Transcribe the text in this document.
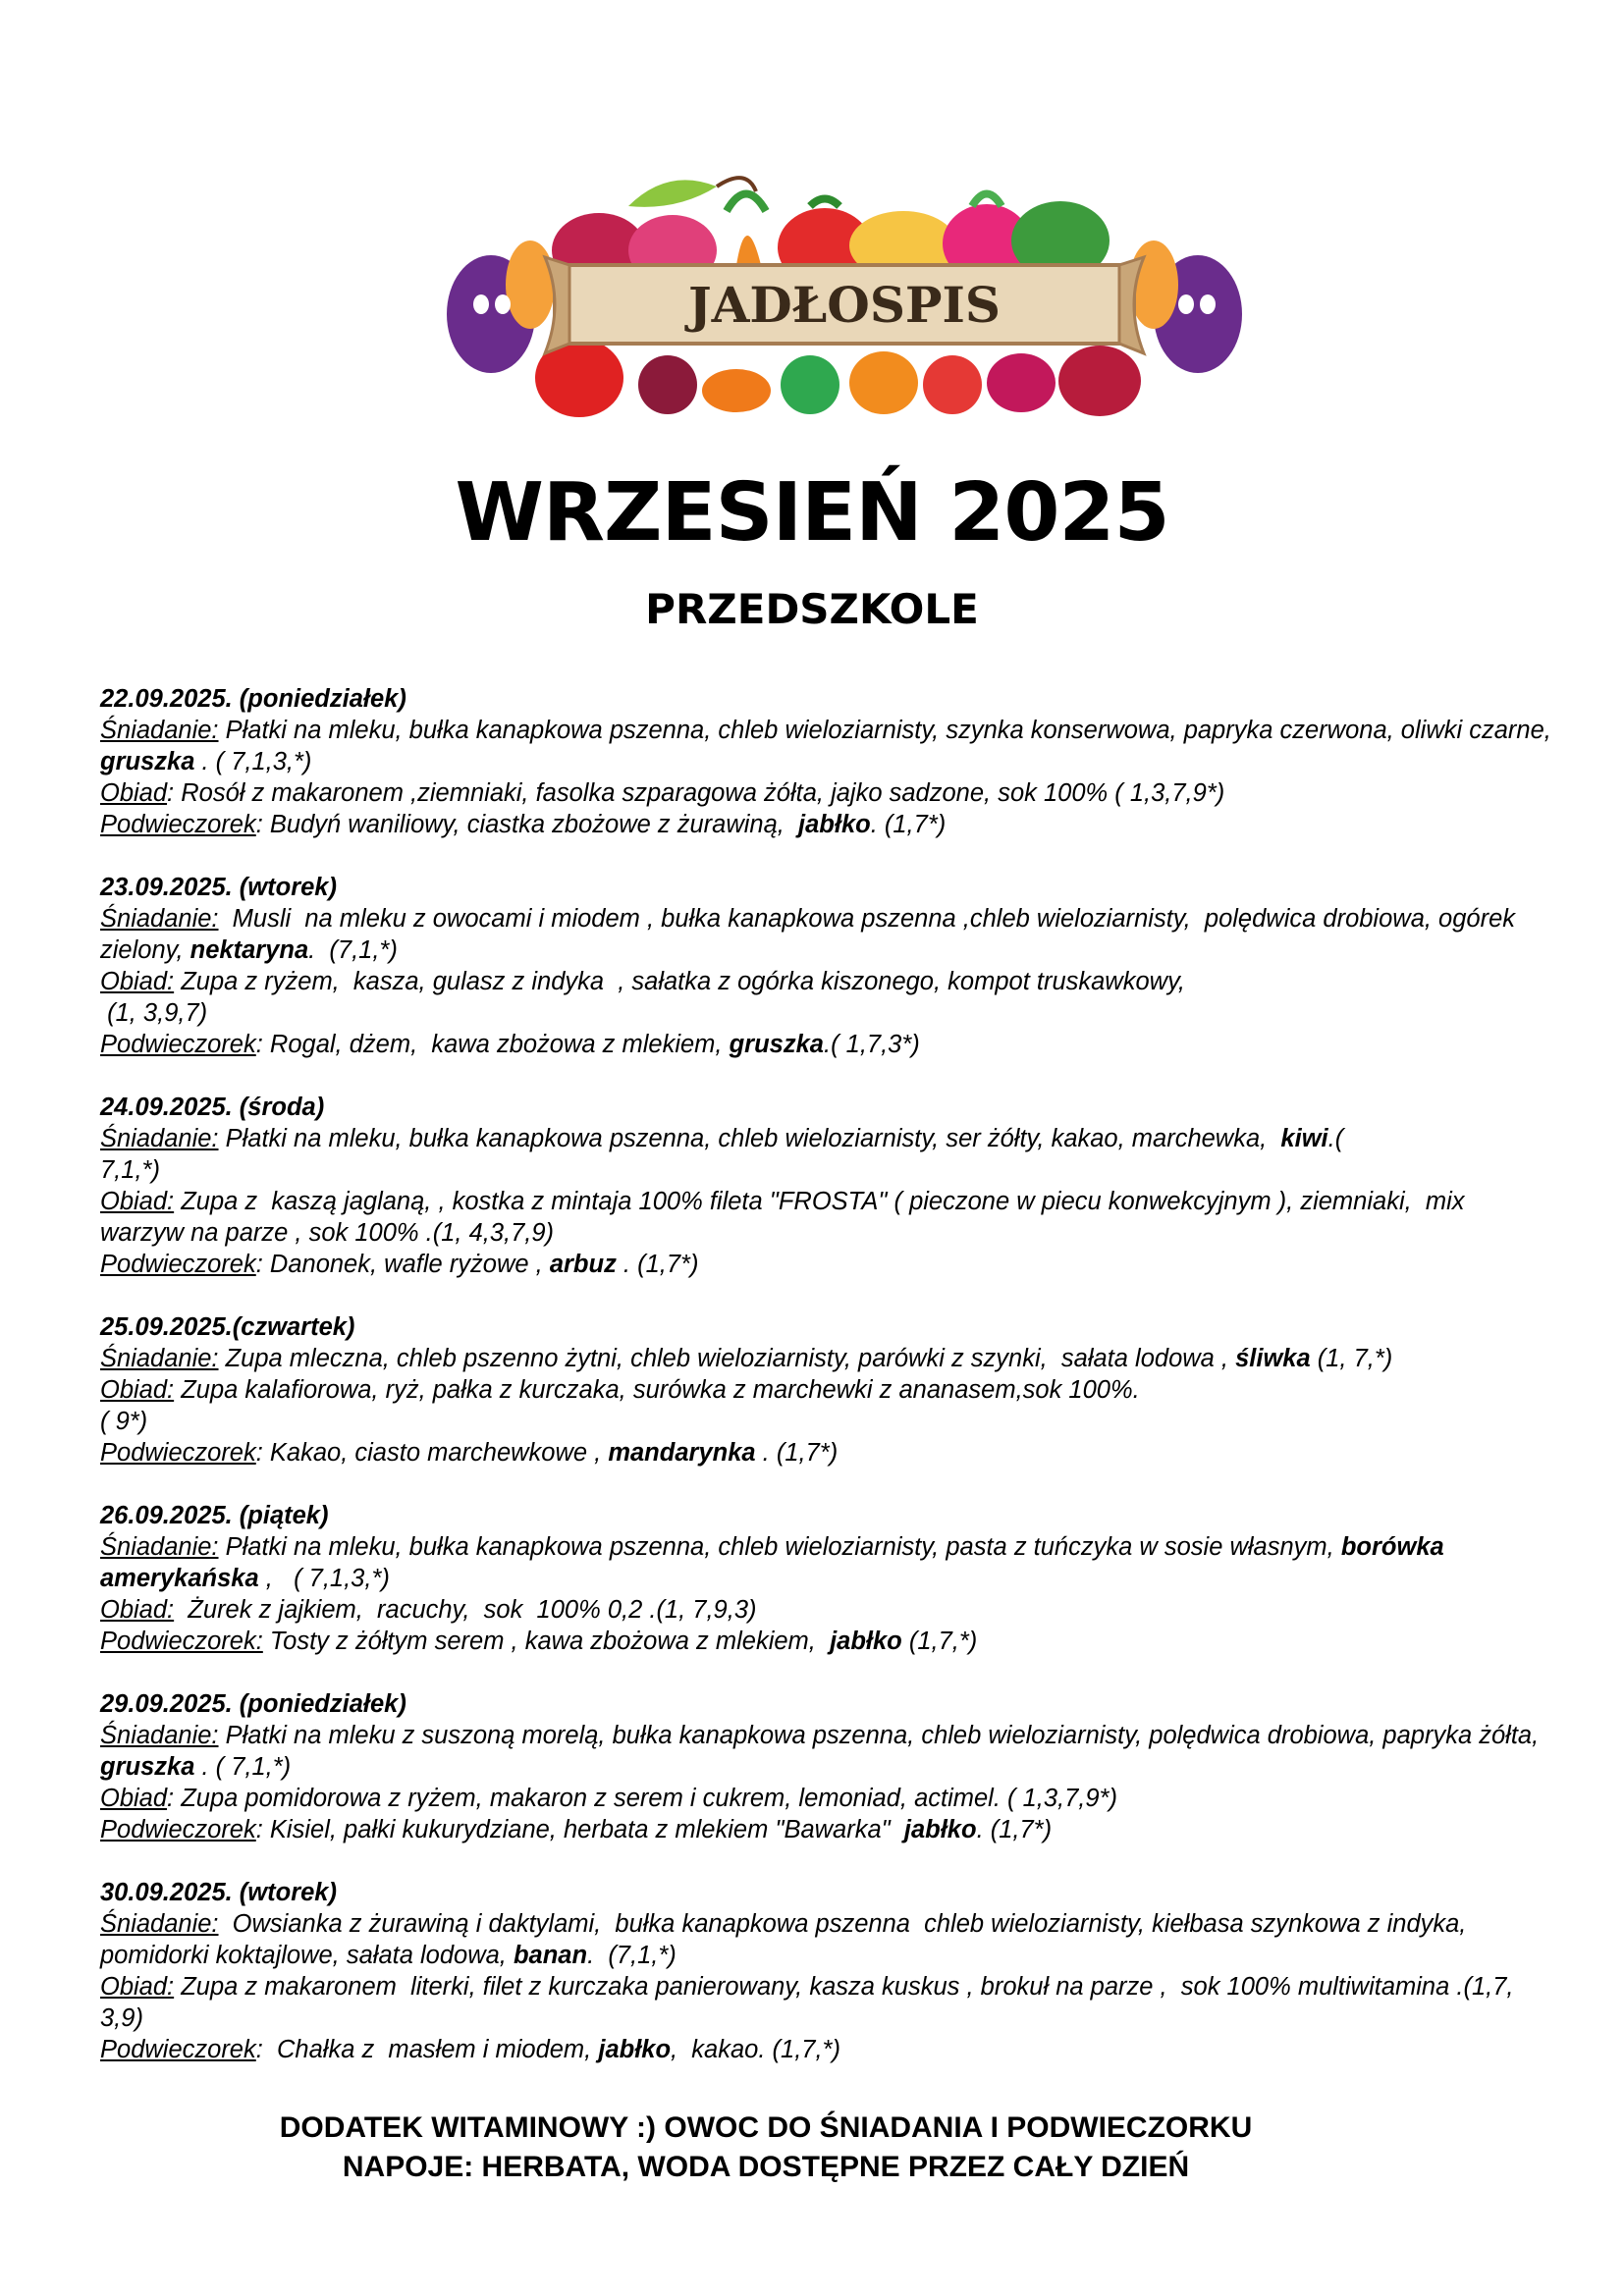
JADŁOSPIS
WRZESIEŃ 2025
PRZEDSZKOLE
22.09.2025. (poniedziałek)
Śniadanie: Płatki na mleku, bułka kanapkowa pszenna, chleb wieloziarnisty, szynka konserwowa, papryka czerwona, oliwki czarne, gruszka . ( 7,1,3,*)
Obiad: Rosół z makaronem ,ziemniaki, fasolka szparagowa żółta, jajko sadzone, sok 100% ( 1,3,7,9*)
Podwieczorek: Budyń waniliowy, ciastka zbożowe z żurawiną,  jabłko. (1,7*)
23.09.2025. (wtorek)
Śniadanie:  Musli  na mleku z owocami i miodem , bułka kanapkowa pszenna ,chleb wieloziarnisty,  polędwica drobiowa, ogórek zielony, nektaryna.  (7,1,*)
Obiad: Zupa z ryżem,  kasza, gulasz z indyka  , sałatka z ogórka kiszonego, kompot truskawkowy,
(1, 3,9,7)
Podwieczorek: Rogal, dżem,  kawa zbożowa z mlekiem, gruszka.( 1,7,3*)
24.09.2025. (środa)
Śniadanie: Płatki na mleku, bułka kanapkowa pszenna, chleb wieloziarnisty, ser żółty, kakao, marchewka,  kiwi.(
7,1,*)
Obiad: Zupa z  kaszą jaglaną, , kostka z mintaja 100% fileta "FROSTA" ( pieczone w piecu konwekcyjnym ), ziemniaki,  mix warzyw na parze , sok 100% .(1, 4,3,7,9)
Podwieczorek: Danonek, wafle ryżowe , arbuz . (1,7*)
25.09.2025.(czwartek)
Śniadanie: Zupa mleczna, chleb pszenno żytni, chleb wieloziarnisty, parówki z szynki,  sałata lodowa , śliwka (1, 7,*)
Obiad: Zupa kalafiorowa, ryż, pałka z kurczaka, surówka z marchewki z ananasem,sok 100%.
( 9*)
Podwieczorek: Kakao, ciasto marchewkowe , mandarynka . (1,7*)
26.09.2025. (piątek)
Śniadanie: Płatki na mleku, bułka kanapkowa pszenna, chleb wieloziarnisty, pasta z tuńczyka w sosie własnym, borówka amerykańska ,   ( 7,1,3,*)
Obiad:  Żurek z jajkiem,  racuchy,  sok  100% 0,2 .(1, 7,9,3)
Podwieczorek: Tosty z żółtym serem , kawa zbożowa z mlekiem,  jabłko (1,7,*)
29.09.2025. (poniedziałek)
Śniadanie: Płatki na mleku z suszoną morelą, bułka kanapkowa pszenna, chleb wieloziarnisty, polędwica drobiowa, papryka żółta, gruszka . ( 7,1,*)
Obiad: Zupa pomidorowa z ryżem, makaron z serem i cukrem, lemoniad, actimel. ( 1,3,7,9*)
Podwieczorek: Kisiel, pałki kukurydziane, herbata z mlekiem "Bawarka"  jabłko. (1,7*)
30.09.2025. (wtorek)
Śniadanie:  Owsianka z żurawiną i daktylami,  bułka kanapkowa pszenna  chleb wieloziarnisty, kiełbasa szynkowa z indyka, pomidorki koktajlowe, sałata lodowa, banan.  (7,1,*)
Obiad: Zupa z makaronem  literki, filet z kurczaka panierowany, kasza kuskus , brokuł na parze ,  sok 100% multiwitamina .(1,7, 3,9)
Podwieczorek:  Chałka z  masłem i miodem, jabłko,  kakao. (1,7,*)
DODATEK WITAMINOWY :) OWOC DO ŚNIADANIA I PODWIECZORKU
NAPOJE: HERBATA, WODA DOSTĘPNE PRZEZ CAŁY DZIEŃ
